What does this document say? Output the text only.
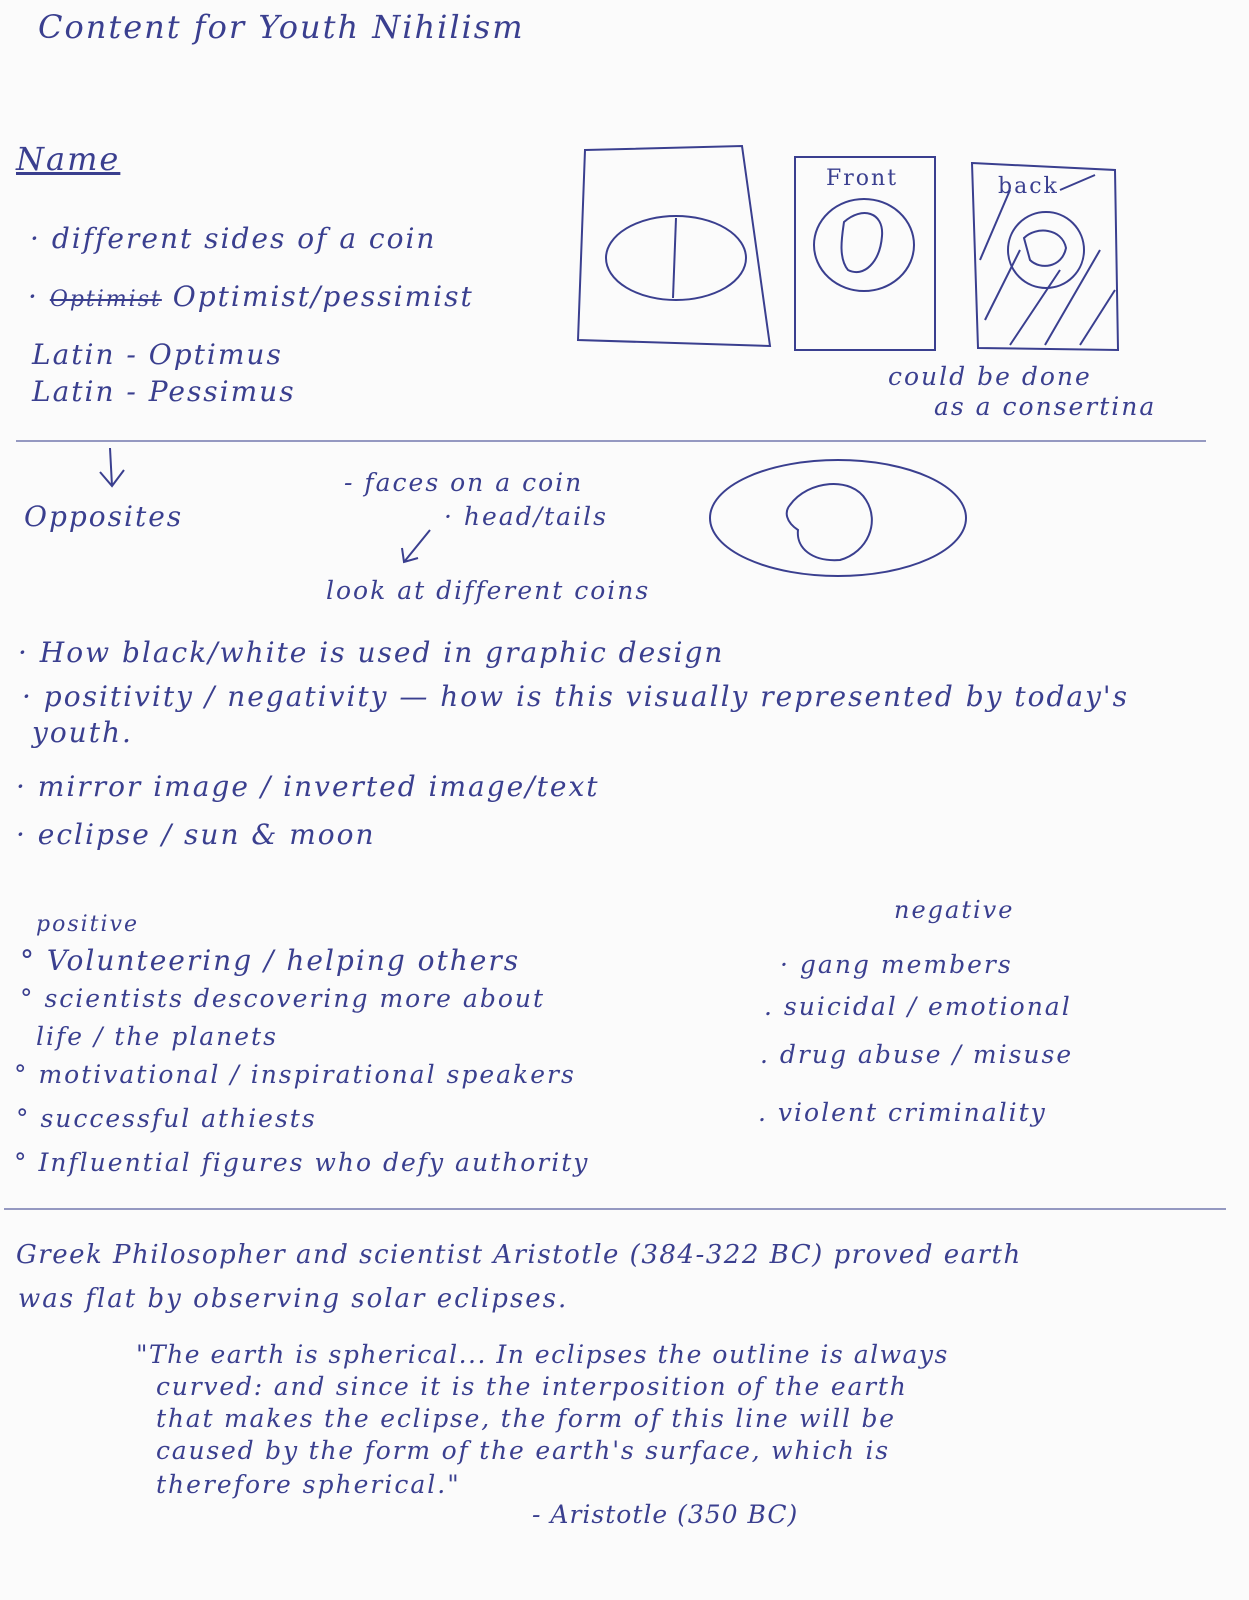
Content for Youth Nihilism
Name
· different sides of a coin
· Optimist Optimist/pessimist
Latin - Optimus
Latin - Pessimus
Front	back
could be done
as a consertina
Opposites
- faces on a coin
· head/tails
look at different coins
· How black/white is used in graphic design
· positivity / negativity — how is this visually represented by today's
youth.
· mirror image / inverted image/text
· eclipse / sun & moon
positive
° Volunteering / helping others
° scientists descovering more about
life / the planets
° motivational / inspirational speakers
° successful athiests
° Influential figures who defy authority
negative
· gang members
. suicidal / emotional
. drug abuse / misuse
. violent criminality
Greek Philosopher and scientist Aristotle (384-322 BC) proved earth
was flat by observing solar eclipses.
"The earth is spherical... In eclipses the outline is always
curved: and since it is the interposition of the earth
that makes the eclipse, the form of this line will be
caused by the form of the earth's surface, which is
therefore spherical."
- Aristotle (350 BC)
